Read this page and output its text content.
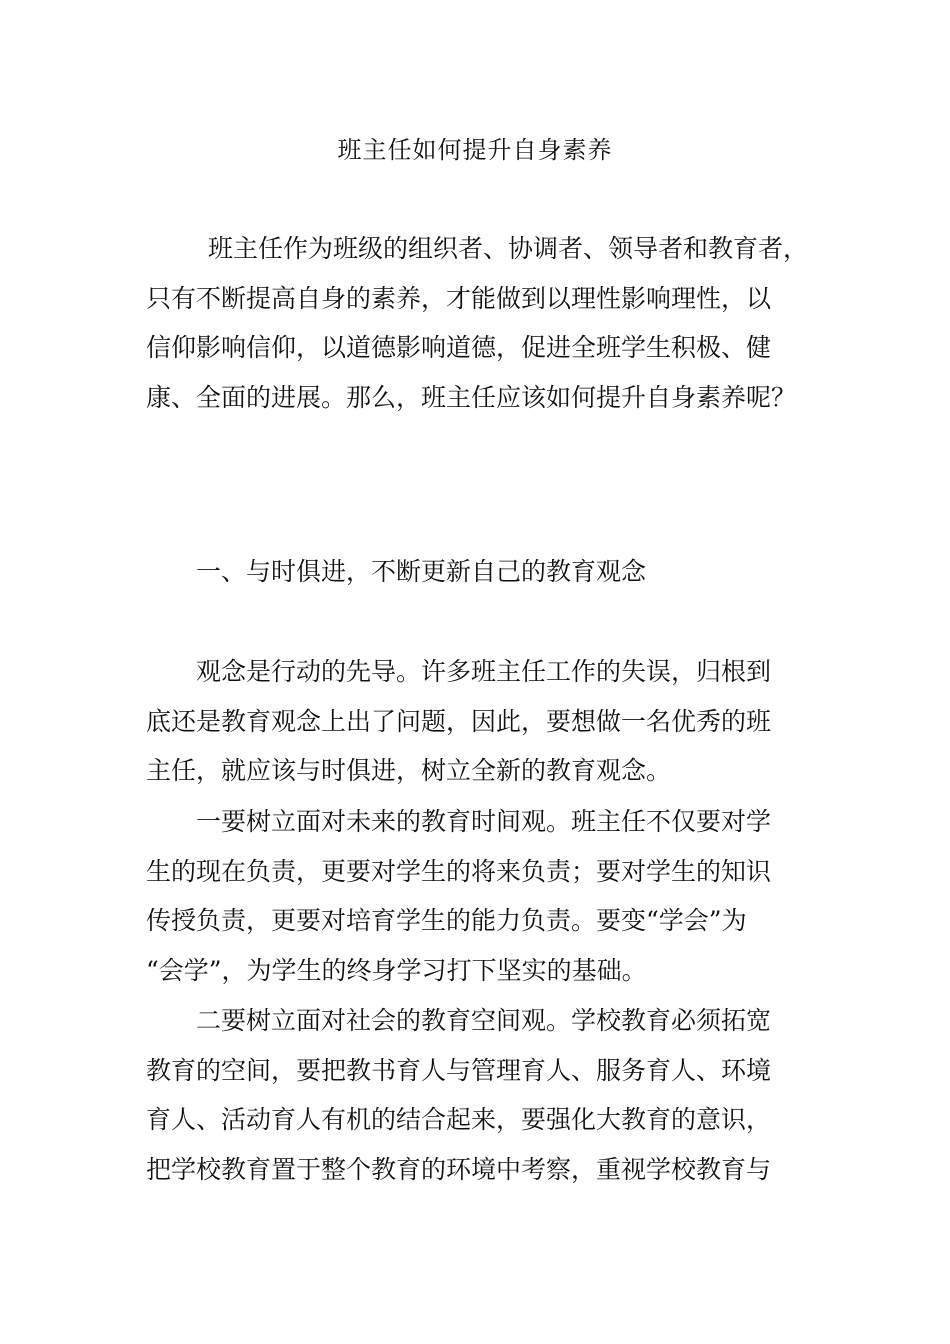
班主任如何提升自身素养
班主任作为班级的组织者、协调者、领导者和教育者，
只有不断提高自身的素养，才能做到以理性影响理性，以
信仰影响信仰，以道德影响道德，促进全班学生积极、健
康、全面的进展。那么，班主任应该如何提升自身素养呢？
一、与时俱进，不断更新自己的教育观念
观念是行动的先导。许多班主任工作的失误，归根到
底还是教育观念上出了问题，因此，要想做一名优秀的班
主任，就应该与时俱进，树立全新的教育观念。
一要树立面对未来的教育时间观。班主任不仅要对学
生的现在负责，更要对学生的将来负责；要对学生的知识
传授负责，更要对培育学生的能力负责。要变“学会”为
“会学”，为学生的终身学习打下坚实的基础。
二要树立面对社会的教育空间观。学校教育必须拓宽
教育的空间，要把教书育人与管理育人、服务育人、环境
育人、活动育人有机的结合起来，要强化大教育的意识，
把学校教育置于整个教育的环境中考察，重视学校教育与
